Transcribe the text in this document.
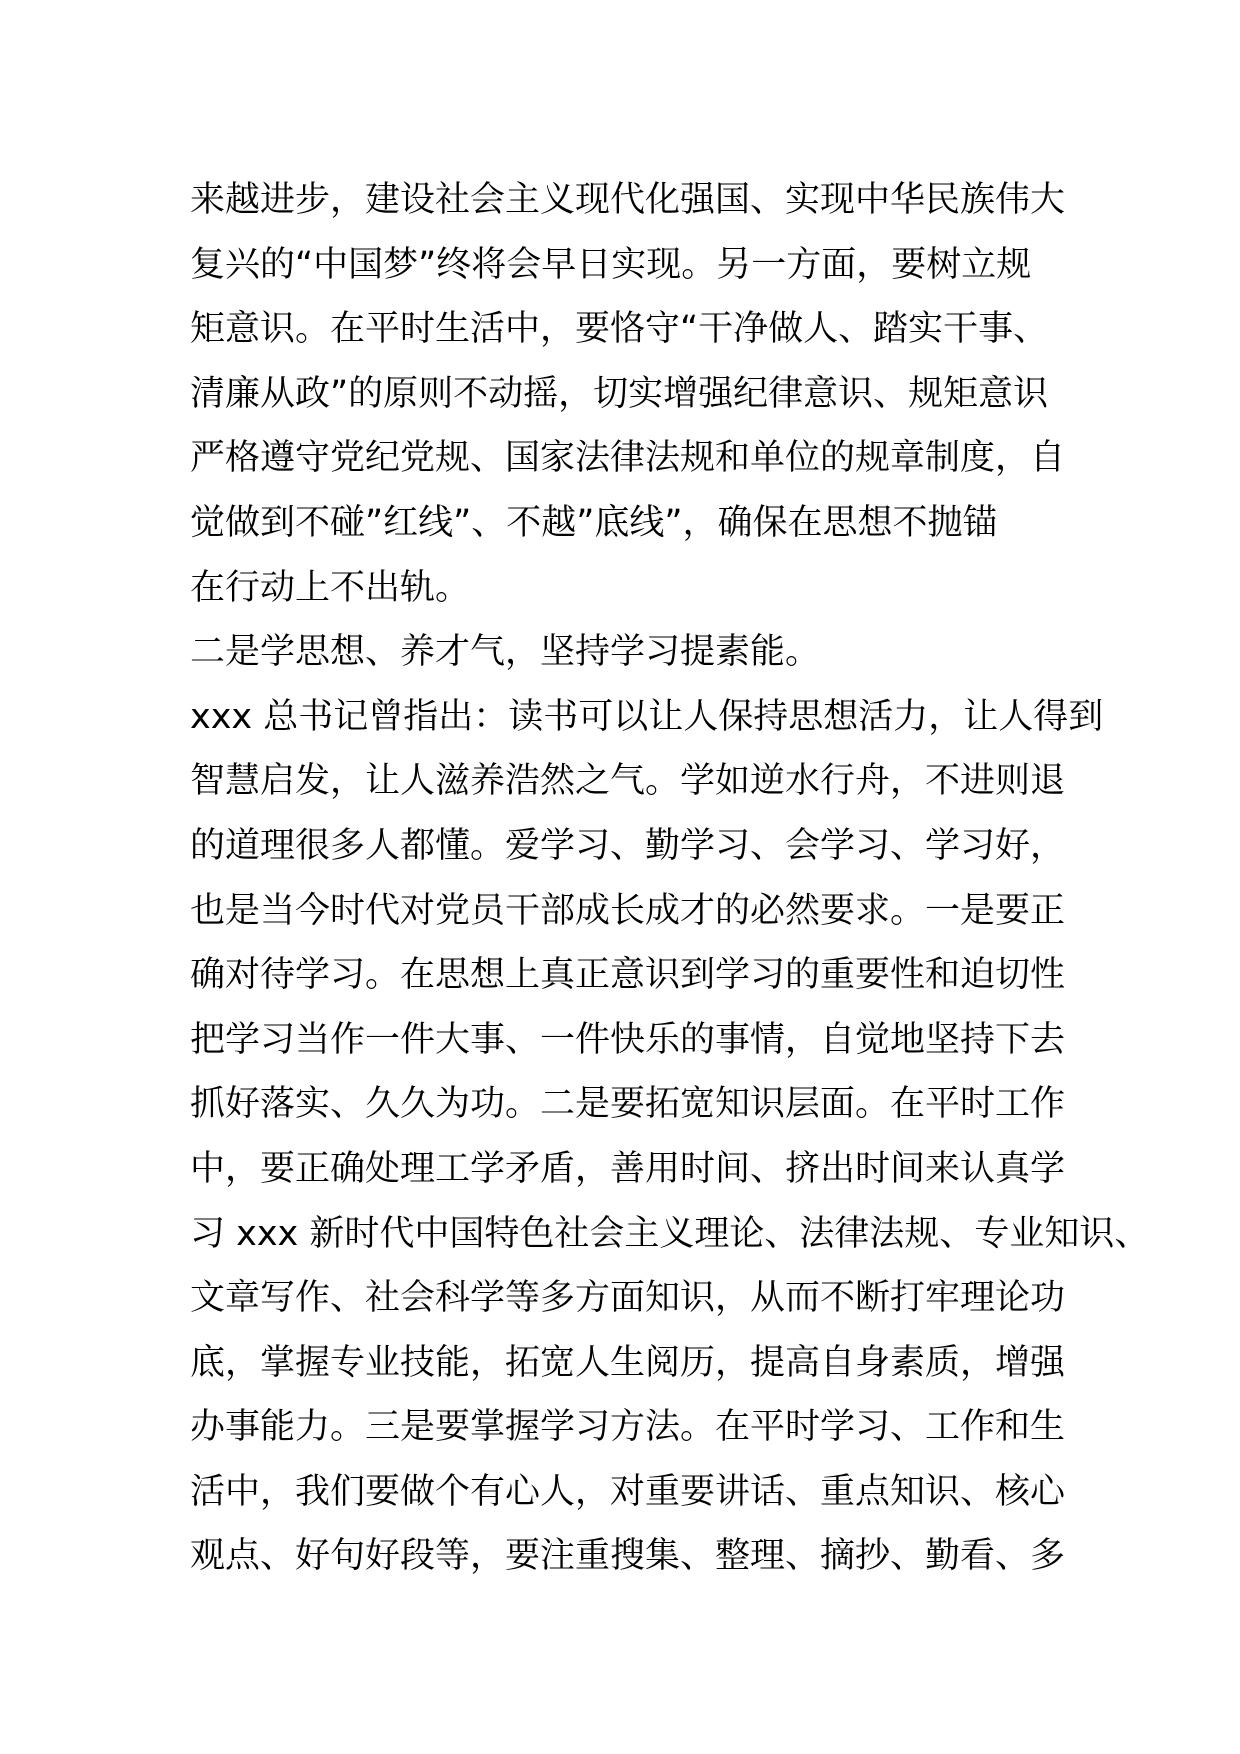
来越进步，建设社会主义现代化强国、实现中华民族伟大
复兴的“中国梦”终将会早日实现。另一方面，要树立规
矩意识。在平时生活中，要恪守“干净做人、踏实干事、
清廉从政”的原则不动摇，切实增强纪律意识、规矩意识
严格遵守党纪党规、国家法律法规和单位的规章制度，自
觉做到不碰”红线”、不越”底线”，确保在思想不抛锚
在行动上不出轨。
二是学思想、养才气，坚持学习提素能。
xxx 总书记曾指出：读书可以让人保持思想活力，让人得到
智慧启发，让人滋养浩然之气。学如逆水行舟，不进则退
的道理很多人都懂。爱学习、勤学习、会学习、学习好，
也是当今时代对党员干部成长成才的必然要求。一是要正
确对待学习。在思想上真正意识到学习的重要性和迫切性
把学习当作一件大事、一件快乐的事情，自觉地坚持下去
抓好落实、久久为功。二是要拓宽知识层面。在平时工作
中，要正确处理工学矛盾，善用时间、挤出时间来认真学
习 xxx 新时代中国特色社会主义理论、法律法规、专业知识、
文章写作、社会科学等多方面知识，从而不断打牢理论功
底，掌握专业技能，拓宽人生阅历，提高自身素质，增强
办事能力。三是要掌握学习方法。在平时学习、工作和生
活中，我们要做个有心人，对重要讲话、重点知识、核心
观点、好句好段等，要注重搜集、整理、摘抄、勤看、多
